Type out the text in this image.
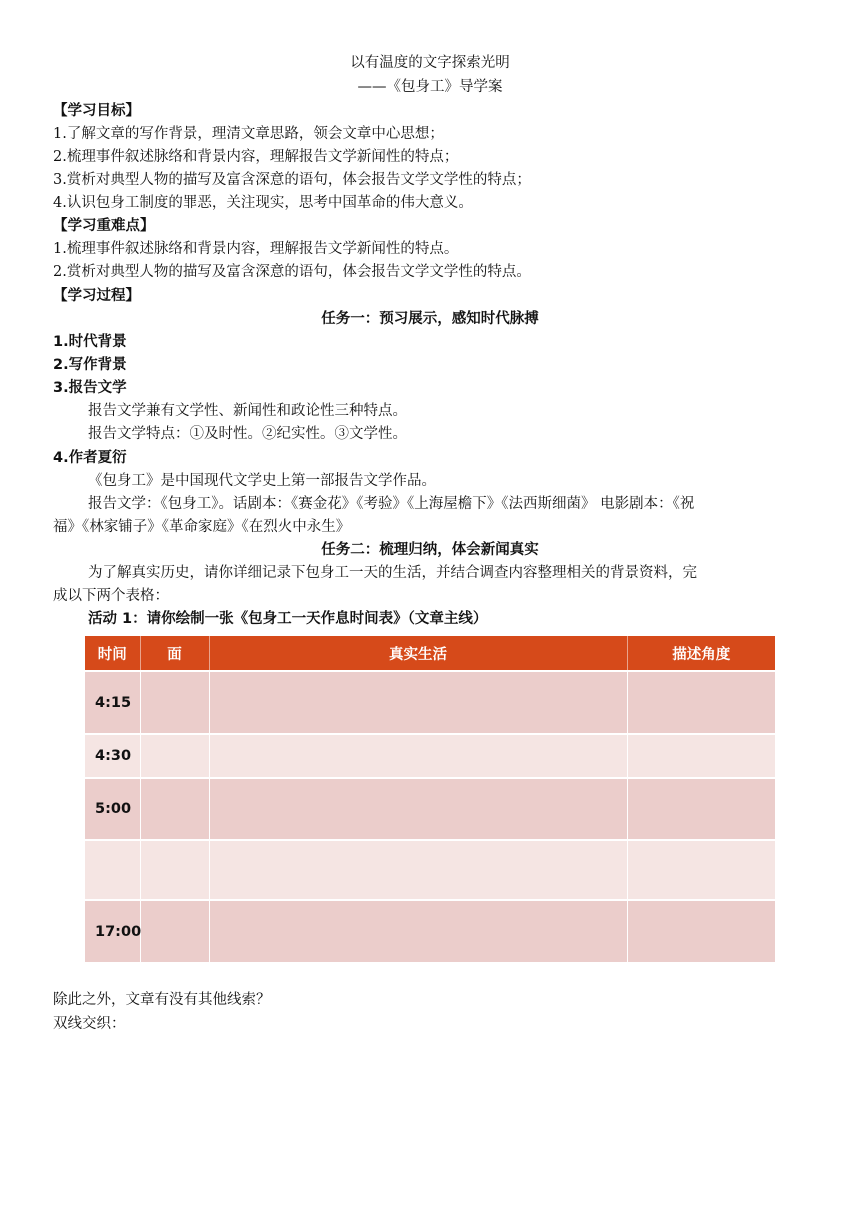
以有温度的文字探索光明
——《包身工》导学案
【学习目标】
1.了解文章的写作背景，理清文章思路，领会文章中心思想；
2.梳理事件叙述脉络和背景内容，理解报告文学新闻性的特点；
3.赏析对典型人物的描写及富含深意的语句，体会报告文学文学性的特点；
4.认识包身工制度的罪恶，关注现实，思考中国革命的伟大意义。
【学习重难点】
1.梳理事件叙述脉络和背景内容，理解报告文学新闻性的特点。
2.赏析对典型人物的描写及富含深意的语句，体会报告文学文学性的特点。
【学习过程】
任务一：预习展示，感知时代脉搏
1.时代背景
2.写作背景
3.报告文学
报告文学兼有文学性、新闻性和政论性三种特点。
报告文学特点：①及时性。②纪实性。③文学性。
4.作者夏衍
《包身工》是中国现代文学史上第一部报告文学作品。
报告文学：《包身工》。话剧本：《赛金花》《考验》《上海屋檐下》《法西斯细菌》 电影剧本：《祝
福》《林家铺子》《革命家庭》《在烈火中永生》
任务二：梳理归纳，体会新闻真实
为了解真实历史，请你详细记录下包身工一天的生活，并结合调查内容整理相关的背景资料，完
成以下两个表格：
活动 1：请你绘制一张《包身工一天作息时间表》（文章主线）
时间	面	真实生活	描述角度
4:15			
4:30			
5:00			

17:00			
除此之外，文章有没有其他线索？
双线交织：
